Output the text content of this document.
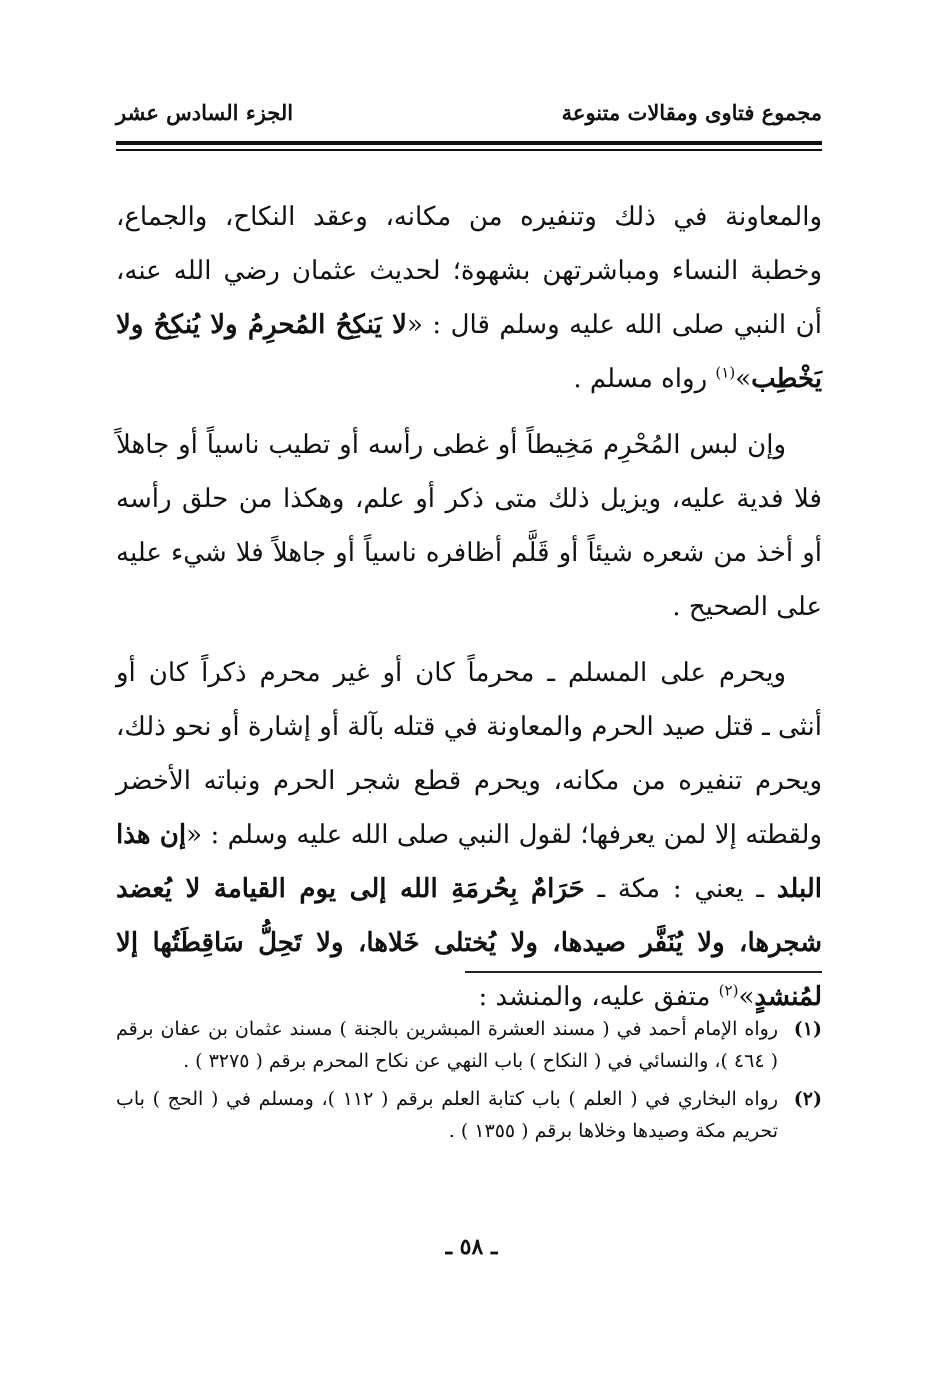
مجموع فتاوى ومقالات متنوعة
الجزء السادس عشر

والمعاونة في ذلك وتنفيره من مكانه، وعقد النكاح، والجماع، وخطبة النساء ومباشرتهن بشهوة؛ لحديث عثمان رضي الله عنه، أن النبي صلى الله عليه وسلم قال : «لا يَنكِحُ المُحرِمُ ولا يُنكِحُ ولا يَخْطِب»$^{(١)}$ رواه مسلم .

وإن لبس المُحْرِم مَخِيطاً أو غطى رأسه أو تطيب ناسياً أو جاهلاً فلا فدية عليه، ويزيل ذلك متى ذكر أو علم، وهكذا من حلق رأسه أو أخذ من شعره شيئاً أو قَلَّم أظافره ناسياً أو جاهلاً فلا شيء عليه على الصحيح .

ويحرم على المسلم ـ محرماً كان أو غير محرم ذكراً كان أو أنثى ـ قتل صيد الحرم والمعاونة في قتله بآلة أو إشارة أو نحو ذلك، ويحرم تنفيره من مكانه، ويحرم قطع شجر الحرم ونباته الأخضر ولقطته إلا لمن يعرفها؛ لقول النبي صلى الله عليه وسلم : «إن هذا البلد ـ يعني : مكة ـ حَرَامٌ بِحُرمَةِ الله إلى يوم القيامة لا يُعضد شجرها، ولا يُنَفَّر صيدها، ولا يُختلى خَلاها، ولا تَحِلُّ سَاقِطَتُها إلا لمُنشدٍ»$^{(٢)}$ متفق عليه، والمنشد :

(١)
رواه الإمام أحمد في ( مسند العشرة المبشرين بالجنة ) مسند عثمان بن عفان برقم ( ٤٦٤ )، والنسائي في ( النكاح ) باب النهي عن نكاح المحرم برقم ( ٣٢٧٥ ) .
(٢)
رواه البخاري في ( العلم ) باب كتابة العلم برقم ( ١١٢ )، ومسلم في ( الحج ) باب تحريم مكة وصيدها وخلاها برقم ( ١٣٥٥ ) .
ـ ٥٨ ـ
